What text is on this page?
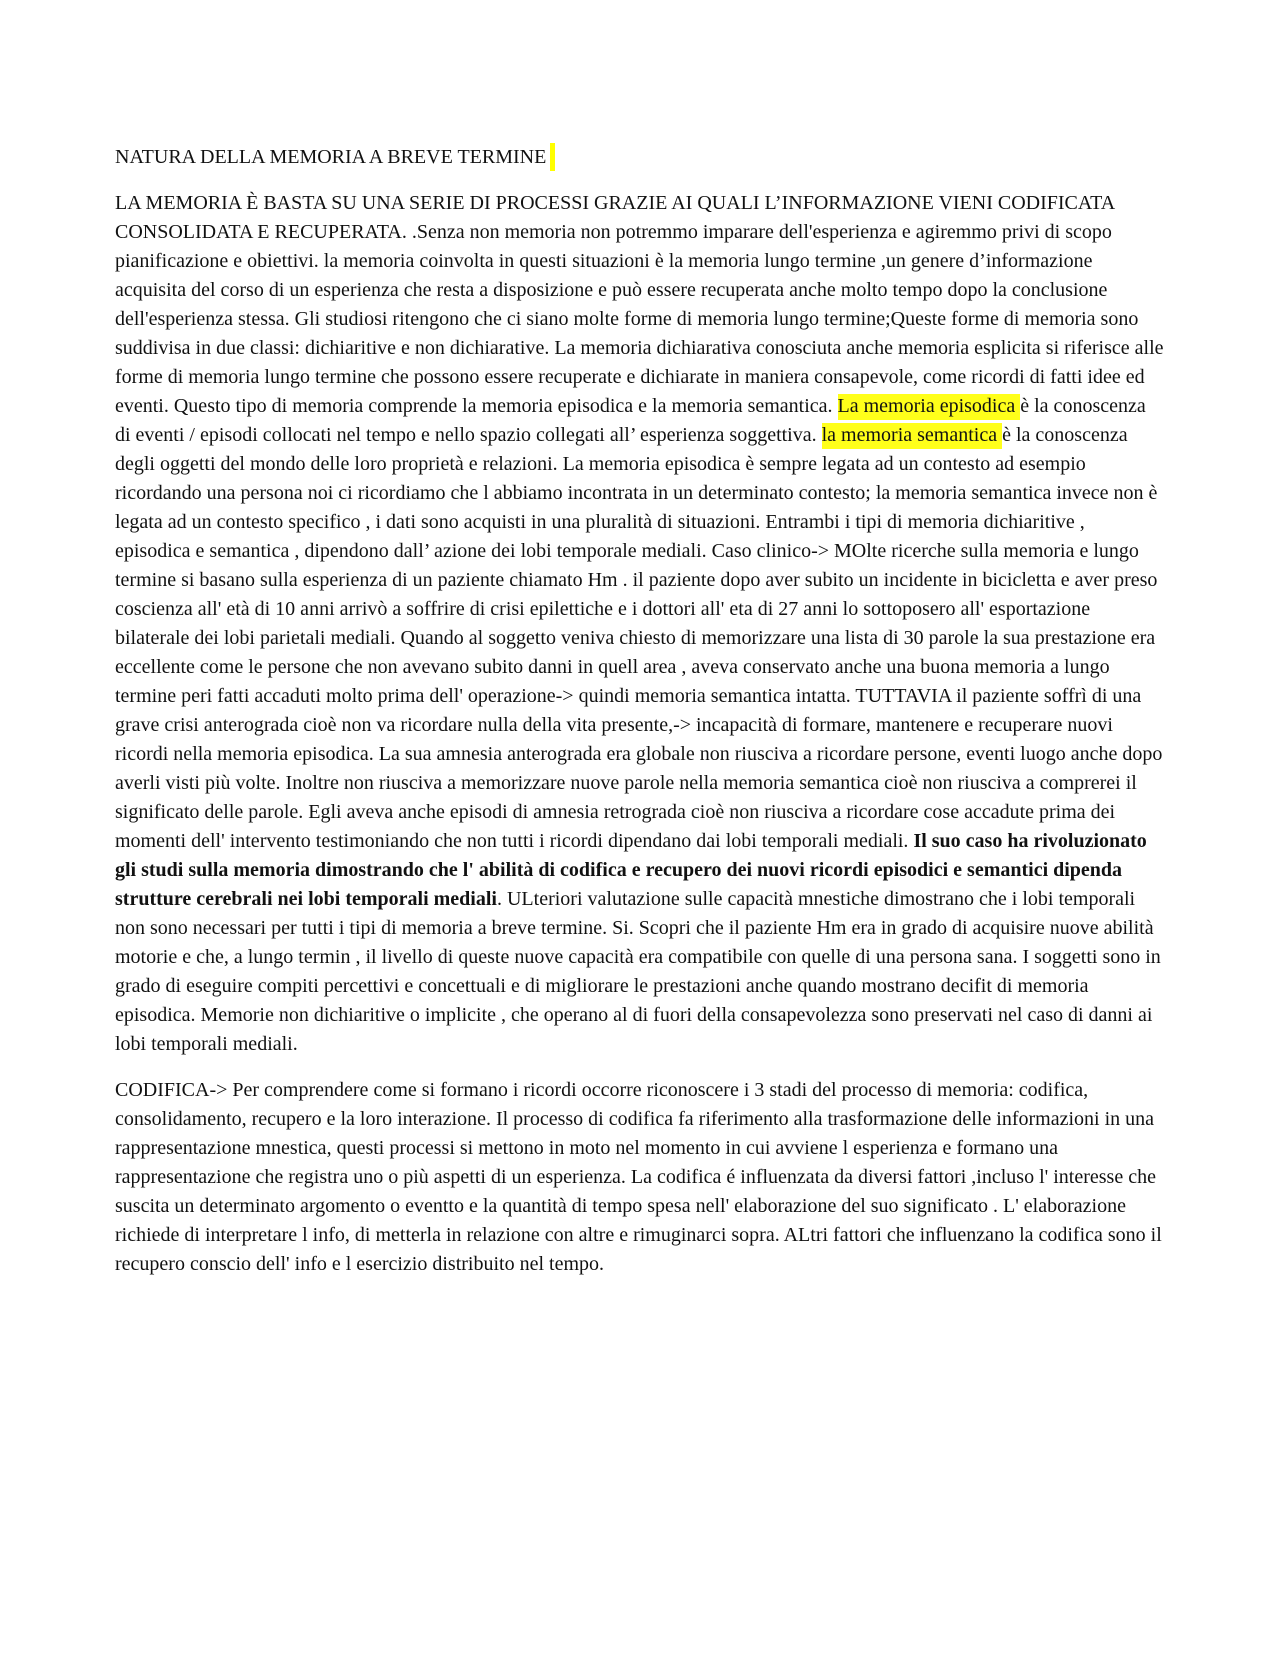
NATURA DELLA MEMORIA A BREVE TERMINE

LA MEMORIA È BASTA SU UNA SERIE DI PROCESSI GRAZIE AI QUALI L’INFORMAZIONE VIENI CODIFICATA CONSOLIDATA E RECUPERATA. .Senza non memoria non potremmo imparare dell'esperienza e agiremmo privi di scopo pianificazione e obiettivi. la memoria coinvolta in questi situazioni è la memoria lungo termine ,un genere d’informazione acquisita del corso di un esperienza che resta a disposizione e può essere recuperata anche molto tempo dopo la conclusione dell'esperienza stessa. Gli studiosi ritengono che ci siano molte forme di memoria lungo termine;Queste forme di memoria sono suddivisa in due classi: dichiaritive e non dichiarative. La memoria dichiarativa conosciuta anche memoria esplicita si riferisce alle forme di memoria lungo termine che possono essere recuperate e dichiarate in maniera consapevole, come ricordi di fatti idee ed eventi. Questo tipo di memoria comprende la memoria episodica e la memoria semantica. La memoria episodica è la conoscenza di eventi / episodi collocati nel tempo e nello spazio collegati all’ esperienza soggettiva. la memoria semantica è la conoscenza degli oggetti del mondo delle loro proprietà e relazioni. La memoria episodica è sempre legata ad un contesto ad esempio ricordando una persona noi ci ricordiamo che l abbiamo incontrata in un determinato contesto; la memoria semantica invece non è legata ad un contesto specifico , i dati sono acquisti in una pluralità di situazioni. Entrambi i tipi di memoria dichiaritive , episodica e semantica , dipendono dall’ azione dei lobi temporale mediali. Caso clinico-> MOlte ricerche sulla memoria e lungo termine si basano sulla esperienza di un paziente chiamato Hm . il paziente dopo aver subito un incidente in bicicletta e aver preso coscienza all' età di 10 anni arrivò a soffrire di crisi epilettiche e i dottori all' eta di 27 anni lo sottoposero all' esportazione bilaterale dei lobi parietali mediali. Quando al soggetto veniva chiesto di memorizzare una lista di 30 parole la sua prestazione era eccellente come le persone che non avevano subito danni in quell area , aveva conservato anche una buona memoria a lungo termine peri fatti accaduti molto prima dell' operazione-> quindi memoria semantica intatta. TUTTAVIA il paziente soffrì di una grave crisi anterograda cioè non va ricordare nulla della vita presente,-> incapacità di formare, mantenere e recuperare nuovi ricordi nella memoria episodica. La sua amnesia anterograda era globale non riusciva a ricordare persone, eventi luogo anche dopo averli visti più volte. Inoltre non riusciva a memorizzare nuove parole nella memoria semantica cioè non riusciva a comprerei il significato delle parole. Egli aveva anche episodi di amnesia retrograda cioè non riusciva a ricordare cose accadute prima dei momenti dell' intervento testimoniando che non tutti i ricordi dipendano dai lobi temporali mediali. Il suo caso ha rivoluzionato gli studi sulla memoria dimostrando che l' abilità di codifica e recupero dei nuovi ricordi episodici e semantici dipenda strutture cerebrali nei lobi temporali mediali. ULteriori valutazione sulle capacità mnestiche dimostrano che i lobi temporali non sono necessari per tutti i tipi di memoria a breve termine. Si. Scopri che il paziente Hm era in grado di acquisire nuove abilità motorie e che, a lungo termin , il livello di queste nuove capacità era compatibile con quelle di una persona sana. I soggetti sono in grado di eseguire compiti percettivi e concettuali e di migliorare le prestazioni anche quando mostrano decifit di memoria episodica. Memorie non dichiaritive o implicite , che operano al di fuori della consapevolezza sono preservati nel caso di danni ai lobi temporali mediali.

CODIFICA-> Per comprendere come si formano i ricordi occorre riconoscere i 3 stadi del processo di memoria: codifica, consolidamento, recupero e la loro interazione. Il processo di codifica fa riferimento alla trasformazione delle informazioni in una rappresentazione mnestica, questi processi si mettono in moto nel momento in cui avviene l esperienza e formano una rappresentazione che registra uno o più aspetti di un esperienza. La codifica é influenzata da diversi fattori ,incluso l' interesse che suscita un determinato argomento o eventto e la quantità di tempo spesa nell' elaborazione del suo significato . L' elaborazione richiede di interpretare l info, di metterla in relazione con altre e rimuginarci sopra. ALtri fattori che influenzano la codifica sono il recupero conscio dell' info e l esercizio distribuito nel tempo.
